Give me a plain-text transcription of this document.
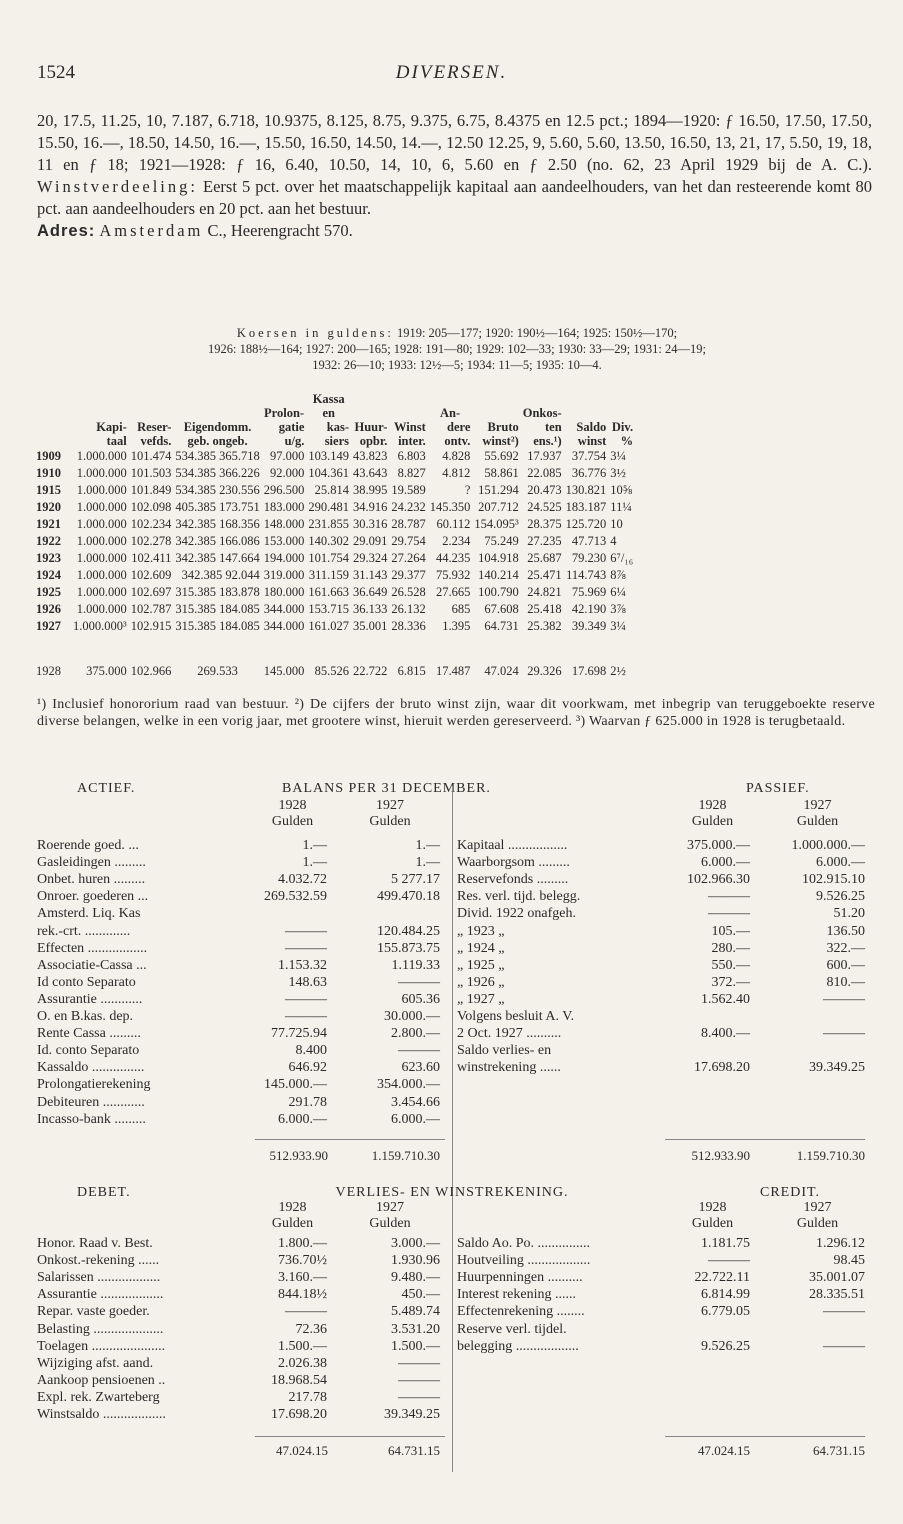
1524	DIVERSEN.

20, 17.5, 11.25, 10, 7.187, 6.718, 10.9375, 8.125, 8.75, 9.375, 6.75, 8.4375 en 12.5 pct.; 1894—1920: ƒ 16.50, 17.50, 17.50, 15.50, 16.—, 18.50, 14.50, 16.—, 15.50, 16.50, 14.50, 14.—, 12.50 12.25, 9, 5.60, 5.60, 13.50, 16.50, 13, 21, 17, 5.50, 19, 18, 11 en ƒ 18; 1921—1928: ƒ 16, 6.40, 10.50, 14, 10, 6, 5.60 en ƒ 2.50 (no. 62, 23 April 1929 bij de A. C.). Winstverdeeling: Eerst 5 pct. over het maatschappelijk kapitaal aan aandeelhouders, van het dan resteerende komt 80 pct. aan aandeelhouders en 20 pct. aan het bestuur.

Adres: Amsterdam C., Heerengracht 570.

Koersen in guldens: 1919: 205—177; 1920: 190½—164; 1925: 150½—170;

1926: 188½—164; 1927: 200—165; 1928: 191—80; 1929: 102—33; 1930: 33—29; 1931: 24—19;

1932: 26—10; 1933: 12½—5; 1934: 11—5; 1935: 10—4.

					Kassa							
				Prolon-	en			An-		Onkos-		
	Kapi-	Reser-	Eigendomm.	gatie	kas-	Huur-	Winst	dere	Bruto	ten	Saldo	Div.
	taal	vefds.	geb. ongeb.	u/g.	siers	opbr.	inter.	ontv.	winst²)	ens.¹)	winst	%
1909	1.000.000	101.474	534.385 365.718	97.000	103.149	43.823	6.803	4.828	55.692	17.937	37.754	3¼
1910	1.000.000	101.503	534.385 366.226	92.000	104.361	43.643	8.827	4.812	58.861	22.085	36.776	3½
1915	1.000.000	101.849	534.385 230.556	296.500	25.814	38.995	19.589	?	151.294	20.473	130.821	10⅝
1920	1.000.000	102.098	405.385 173.751	183.000	290.481	34.916	24.232	145.350	207.712	24.525	183.187	11¼
1921	1.000.000	102.234	342.385 168.356	148.000	231.855	30.316	28.787	60.112	154.095³	28.375	125.720	10
1922	1.000.000	102.278	342.385 166.086	153.000	140.302	29.091	29.754	2.234	75.249	27.235	47.713	4
1923	1.000.000	102.411	342.385 147.664	194.000	101.754	29.324	27.264	44.235	104.918	25.687	79.230	6⁷/₁₆
1924	1.000.000	102.609	342.385 92.044	319.000	311.159	31.143	29.377	75.932	140.214	25.471	114.743	8⅞
1925	1.000.000	102.697	315.385 183.878	180.000	161.663	36.649	26.528	27.665	100.790	24.821	75.969	6¼
1926	1.000.000	102.787	315.385 184.085	344.000	153.715	36.133	26.132	685	67.608	25.418	42.190	3⅞
1927	1.000.000³	102.915	315.385 184.085	344.000	161.027	35.001	28.336	1.395	64.731	25.382	39.349	3¼

1928	375.000	102.966	269.533	145.000	85.526	22.722	6.815	17.487	47.024	29.326	17.698	2½

¹) Inclusief honororium raad van bestuur. ²) De cijfers der bruto winst zijn, waar dit voorkwam, met inbegrip van teruggeboekte reserve diverse belangen, welke in een vorig jaar, met grootere winst, hieruit werden gereserveerd. ³) Waarvan ƒ 625.000 in 1928 is terugbetaald.

ACTIEF.	BALANS PER 31 DECEMBER.	PASSIEF.
1928	1927
Gulden	Gulden
1928	1927
Gulden	Gulden
Roerende goed. ...	1.—	1.—
Gasleidingen .........	1.—	1.—
Onbet. huren .........	4.032.72	5 277.17
Onroer. goederen ...	269.532.59	499.470.18
Amsterd. Liq. Kas
rek.-crt. .............	———	120.484.25
Effecten .................	———	155.873.75
Associatie-Cassa ...	1.153.32	1.119.33
Id conto Separato	148.63	———
Assurantie ............	———	605.36
O. en B.kas. dep.	———	30.000.—
Rente Cassa .........	77.725.94	2.800.—
Id. conto Separato	8.400	———
Kassaldo ...............	646.92	623.60
Prolongatierekening	145.000.—	354.000.—
Debiteuren ............	291.78	3.454.66
Incasso-bank .........	6.000.—	6.000.—
Kapitaal .................	375.000.—	1.000.000.—
Waarborgsom .........	6.000.—	6.000.—
Reservefonds .........	102.966.30	102.915.10
Res. verl. tijd. belegg.	———	9.526.25
Divid. 1922 onafgeh.	———	51.20
„ 1923 „	105.—	136.50
„ 1924 „	280.—	322.—
„ 1925 „	550.—	600.—
„ 1926 „	372.—	810.—
„ 1927 „	1.562.40	———
Volgens besluit A. V.
2 Oct. 1927 ..........	8.400.—	———
Saldo verlies- en
winstrekening ......	17.698.20	39.349.25
512.933.90	1.159.710.30	512.933.90	1.159.710.30
DEBET.	VERLIES- EN WINSTREKENING.	CREDIT.
1928	1927
Gulden	Gulden
1928	1927
Gulden	Gulden
Honor. Raad v. Best.	1.800.—	3.000.—
Onkost.-rekening ......	736.70½	1.930.96
Salarissen ..................	3.160.—	9.480.—
Assurantie ..................	844.18½	450.—
Repar. vaste goeder.	———	5.489.74
Belasting ....................	72.36	3.531.20
Toelagen .....................	1.500.—	1.500.—
Wijziging afst. aand.	2.026.38	———
Aankoop pensioenen ..	18.968.54	———
Expl. rek. Zwarteberg	217.78	———
Winstsaldo ..................	17.698.20	39.349.25
Saldo Ao. Po. ...............	1.181.75	1.296.12
Houtveiling ..................	———	98.45
Huurpenningen ..........	22.722.11	35.001.07
Interest rekening ......	6.814.99	28.335.51
Effectenrekening ........	6.779.05	———
Reserve verl. tijdel.
belegging ..................	9.526.25	———
47.024.15	64.731.15	47.024.15	64.731.15
